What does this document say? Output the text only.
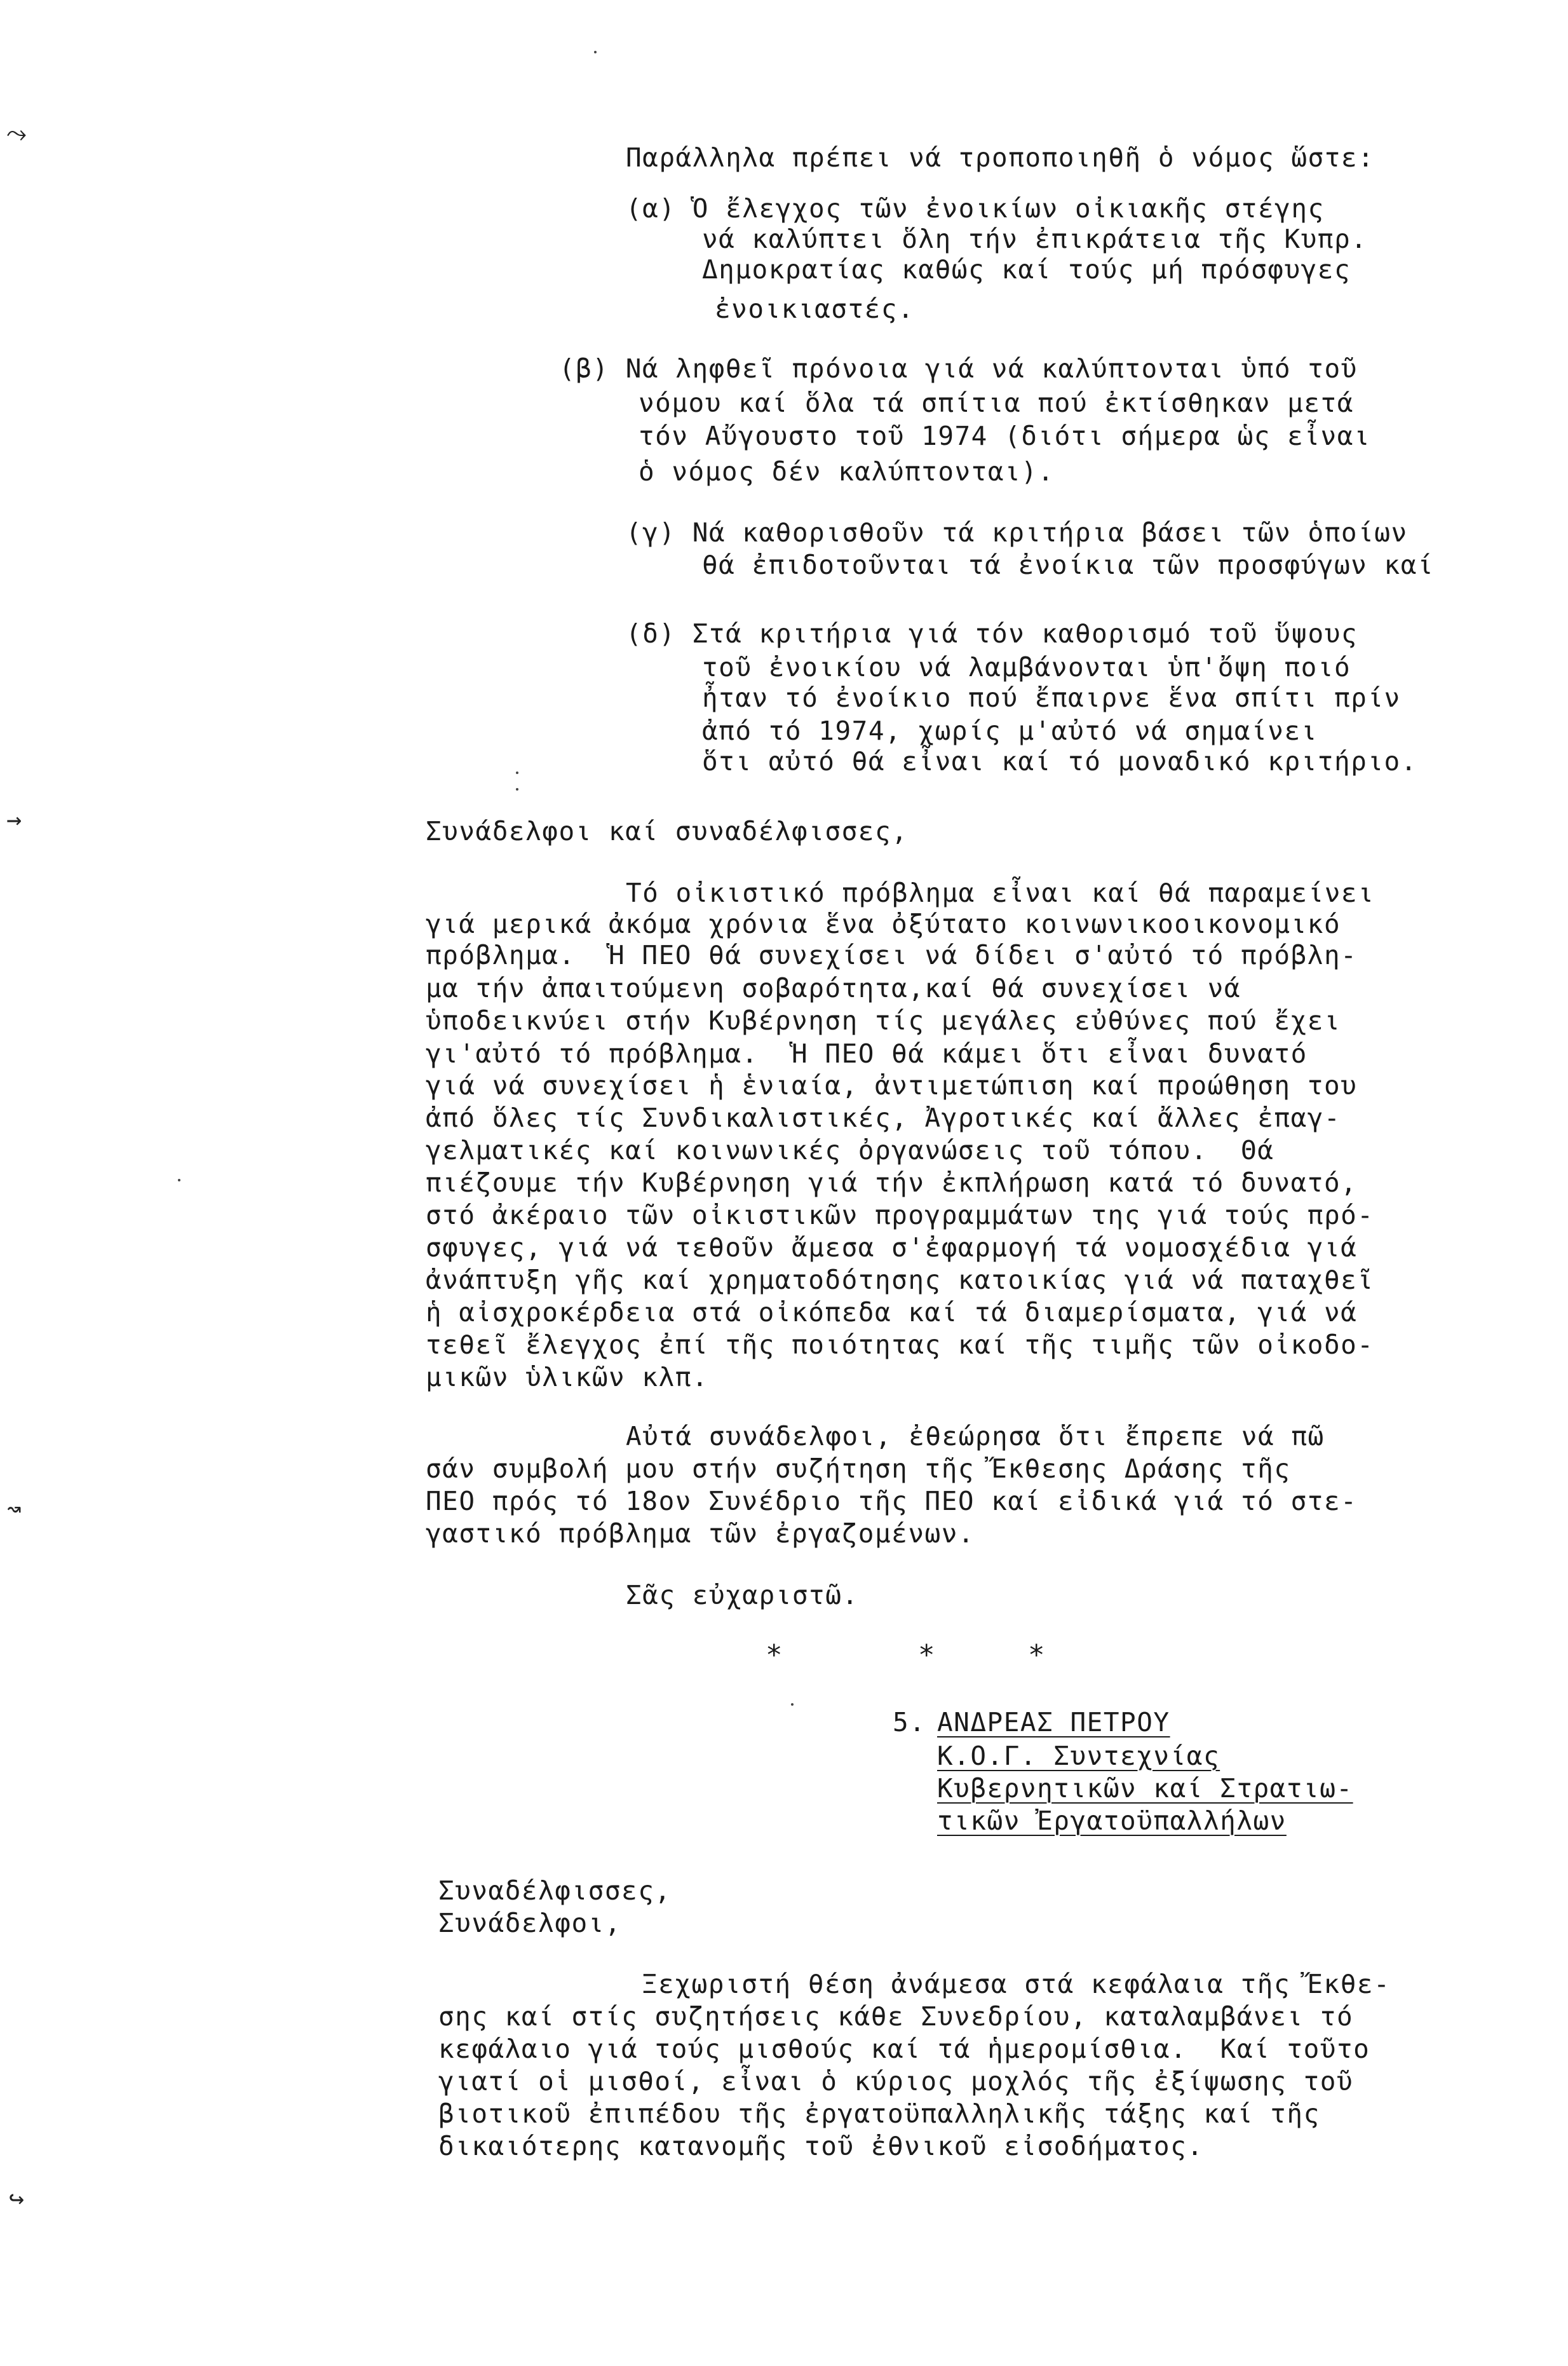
⤳
→
↝
↪
Παράλληλα πρέπει νά τροποποιηθῆ ὁ νόμος ὥστε:
(α) Ὁ ἔλεγχος τῶν ἐνοικίων οἰκιακῆς στέγης
νά καλύπτει ὅλη τήν ἐπικράτεια τῆς Κυπρ.
Δημοκρατίας καθώς καί τούς μή πρόσφυγες
ἐνοικιαστές.
(β) Νά ληφθεῖ πρόνοια γιά νά καλύπτονται ὑπό τοῦ
νόμου καί ὅλα τά σπίτια πού ἐκτίσθηκαν μετά
τόν Αὔγουστο τοῦ 1974 (διότι σήμερα ὡς εἶναι
ὁ νόμος δέν καλύπτονται).
(γ) Νά καθορισθοῦν τά κριτήρια βάσει τῶν ὁποίων
θά ἐπιδοτοῦνται τά ἐνοίκια τῶν προσφύγων καί
(δ) Στά κριτήρια γιά τόν καθορισμό τοῦ ὕψους
τοῦ ἐνοικίου νά λαμβάνονται ὑπ'ὄψη ποιό
ἦταν τό ἐνοίκιο πού ἔπαιρνε ἕνα σπίτι πρίν
ἀπό τό 1974, χωρίς μ'αὐτό νά σημαίνει
ὅτι αὐτό θά εἶναι καί τό μοναδικό κριτήριο.
Συνάδελφοι καί συναδέλφισσες,
Τό οἰκιστικό πρόβλημα εἶναι καί θά παραμείνει
γιά μερικά ἀκόμα χρόνια ἕνα ὀξύτατο κοινωνικοοικονομικό
πρόβλημα.  Ἡ ΠΕΟ θά συνεχίσει νά δίδει σ'αὐτό τό πρόβλη-
μα τήν ἀπαιτούμενη σοβαρότητα,καί θά συνεχίσει νά
ὑποδεικνύει στήν Κυβέρνηση τίς μεγάλες εὐθύνες πού ἔχει
γι'αὐτό τό πρόβλημα.  Ἡ ΠΕΟ θά κάμει ὅτι εἶναι δυνατό
γιά νά συνεχίσει ἡ ἑνιαία, ἀντιμετώπιση καί προώθηση του
ἀπό ὅλες τίς Συνδικαλιστικές, Ἀγροτικές καί ἄλλες ἐπαγ-
γελματικές καί κοινωνικές ὀργανώσεις τοῦ τόπου.  Θά
πιέζουμε τήν Κυβέρνηση γιά τήν ἐκπλήρωση κατά τό δυνατό,
στό ἀκέραιο τῶν οἰκιστικῶν προγραμμάτων της γιά τούς πρό-
σφυγες, γιά νά τεθοῦν ἄμεσα σ'ἐφαρμογή τά νομοσχέδια γιά
ἀνάπτυξη γῆς καί χρηματοδότησης κατοικίας γιά νά παταχθεῖ
ἡ αἰσχροκέρδεια στά οἰκόπεδα καί τά διαμερίσματα, γιά νά
τεθεῖ ἔλεγχος ἐπί τῆς ποιότητας καί τῆς τιμῆς τῶν οἰκοδο-
μικῶν ὑλικῶν κλπ.
Αὐτά συνάδελφοι, ἐθεώρησα ὅτι ἔπρεπε νά πῶ
σάν συμβολή μου στήν συζήτηση τῆς Ἔκθεσης Δράσης τῆς
ΠΕΟ πρός τό 18ον Συνέδριο τῆς ΠΕΟ καί εἰδικά γιά τό στε-
γαστικό πρόβλημα τῶν ἐργαζομένων.
Σᾶς εὐχαριστῶ.
*	*	*
5. ΑΝΔΡΕΑΣ ΠΕΤΡΟΥ
Κ.Ο.Γ. Συντεχνίας
Κυβερνητικῶν καί Στρατιω-
τικῶν Ἐργατοϋπαλλήλων
Συναδέλφισσες,
Συνάδελφοι,
Ξεχωριστή θέση ἀνάμεσα στά κεφάλαια τῆς Ἔκθε-
σης καί στίς συζητήσεις κάθε Συνεδρίου, καταλαμβάνει τό
κεφάλαιο γιά τούς μισθούς καί τά ἡμερομίσθια.  Καί τοῦτο
γιατί οἱ μισθοί, εἶναι ὁ κύριος μοχλός τῆς ἐξίψωσης τοῦ
βιοτικοῦ ἐπιπέδου τῆς ἐργατοϋπαλληλικῆς τάξης καί τῆς
δικαιότερης κατανομῆς τοῦ ἐθνικοῦ εἰσοδήματος.
